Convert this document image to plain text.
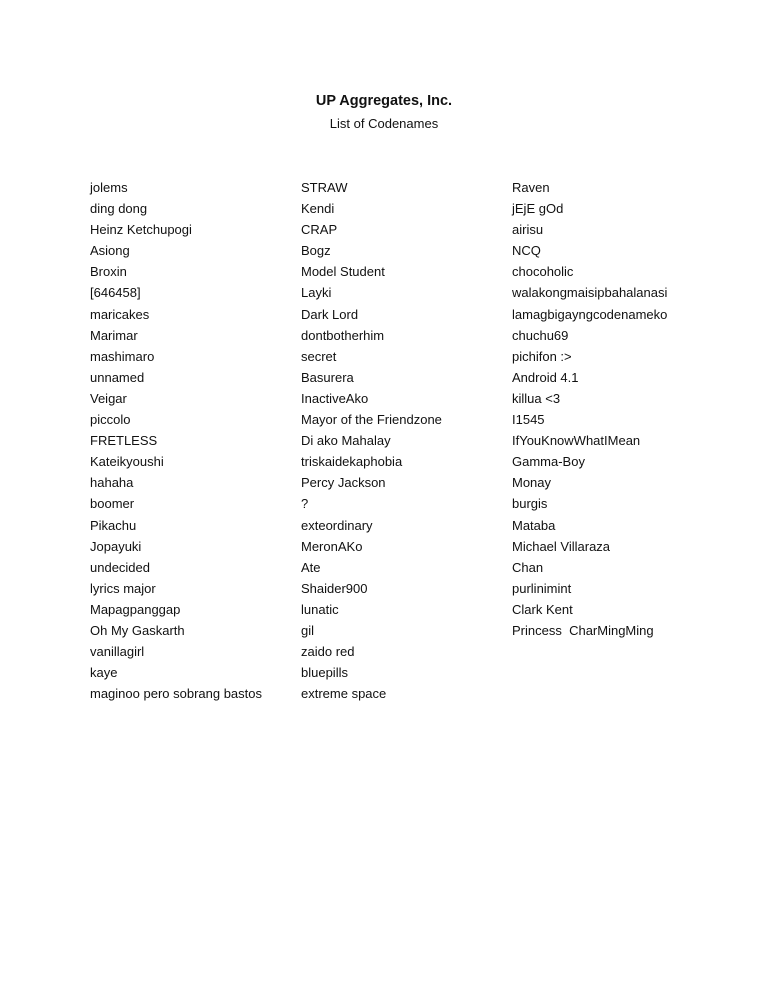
UP Aggregates, Inc.
List of Codenames
jolems
ding dong
Heinz Ketchupogi
Asiong
Broxin
[646458]
maricakes
Marimar
mashimaro
unnamed
Veigar
piccolo
FRETLESS
Kateikyoushi
hahaha
boomer
Pikachu
Jopayuki
undecided
lyrics major
Mapagpanggap
Oh My Gaskarth
vanillagirl
kaye
maginoo pero sobrang bastos
STRAW
Kendi
CRAP
Bogz
Model Student
Layki
Dark Lord
dontbotherhim
secret
Basurera
InactiveAko
Mayor of the Friendzone
Di ako Mahalay
triskaidekaphobia
Percy Jackson
?
exteordinary
MeronAKo
Ate
Shaider900
lunatic
gil
zaido red
bluepills
extreme space
Raven
jEjE gOd
airisu
NCQ
chocoholic
walakongmaisipbahalanasi
lamagbigayngcodenameko
chuchu69
pichifon :>
Android 4.1
killua <3
I1545
IfYouKnowWhatIMean
Gamma-Boy
Monay
burgis
Mataba
Michael Villaraza
Chan
purlinimint
Clark Kent
Princess  CharMingMing
